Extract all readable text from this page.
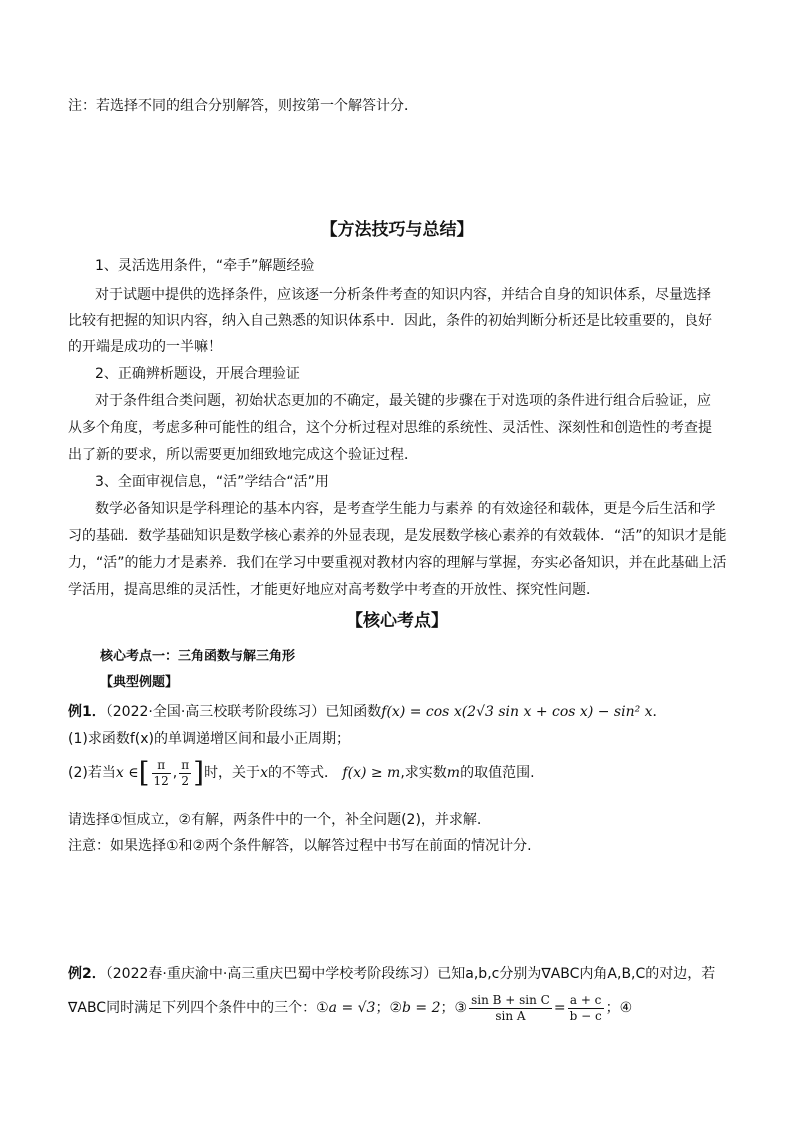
注：若选择不同的组合分别解答，则按第一个解答计分．
【方法技巧与总结】
1、灵活选用条件，“牵手”解题经验
对于试题中提供的选择条件，应该逐一分析条件考查的知识内容，并结合自身的知识体系，尽量选择
比较有把握的知识内容，纳入自己熟悉的知识体系中．因此，条件的初始判断分析还是比较重要的，良好
的开端是成功的一半嘛！
2、正确辨析题设，开展合理验证
对于条件组合类问题，初始状态更加的不确定，最关键的步骤在于对选项的条件进行组合后验证，应
从多个角度，考虑多种可能性的组合，这个分析过程对思维的系统性、灵活性、深刻性和创造性的考查提
出了新的要求，所以需要更加细致地完成这个验证过程．
3、全面审视信息，“活”学结合“活”用
数学必备知识是学科理论的基本内容，是考查学生能力与素养 的有效途径和载体，更是今后生活和学
习的基础．数学基础知识是数学核心素养的外显表现，是发展数学核心素养的有效载体．“活”的知识才是能
力，“活”的能力才是素养．我们在学习中要重视对教材内容的理解与掌握，夯实必备知识，并在此基础上活
学活用，提高思维的灵活性，才能更好地应对高考数学中考查的开放性、探究性问题．
【核心考点】
核心考点一：三角函数与解三角形
【典型例题】
例1．（2022·全国·高三校联考阶段练习）已知函数f(x) = cos x(2√3 sin x + cos x) − sin² x．
(1)求函数f(x)的单调递增区间和最小正周期；
(2)若当x ∈[ $\frac{\pi}{12}$ , $\frac{\pi}{2}$ ]时，关于x的不等式． f(x) ≥ m,求实数m的取值范围.
请选择①恒成立，②有解，两条件中的一个，补全问题(2)，并求解.
注意：如果选择①和②两个条件解答，以解答过程中书写在前面的情况计分.
例2．（2022春·重庆渝中·高三重庆巴蜀中学校考阶段练习）已知a,b,c分别为∇ABC内角A,B,C的对边，若
∇ABC同时满足下列四个条件中的三个：①a = √3；②b = 2；③ $\frac{\text{sin B + sin C}}{\text{sin A}} = \frac{a + c}{b - c}$ ；④
